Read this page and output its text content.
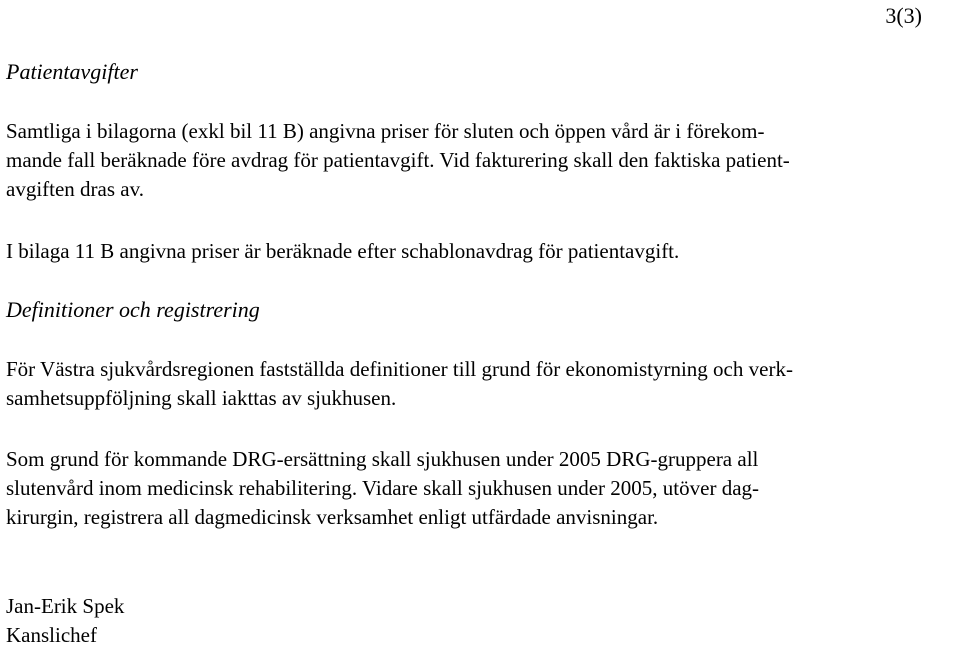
3(3)
Patientavgifter
Samtliga i bilagorna (exkl bil 11 B) angivna priser för sluten och öppen vård är i förekom-
mande fall beräknade före avdrag för patientavgift. Vid fakturering skall den faktiska patient-
avgiften dras av.
I bilaga 11 B angivna priser är beräknade efter schablonavdrag för patientavgift.
Definitioner och registrering
För Västra sjukvårdsregionen fastställda definitioner till grund för ekonomistyrning och verk-
samhetsuppföljning skall iakttas av sjukhusen.
Som grund för kommande DRG-ersättning skall sjukhusen under 2005 DRG-gruppera all
slutenvård inom medicinsk rehabilitering. Vidare skall sjukhusen under 2005, utöver dag-
kirurgin, registrera all dagmedicinsk verksamhet enligt utfärdade anvisningar.
Jan-Erik Spek
Kanslichef
